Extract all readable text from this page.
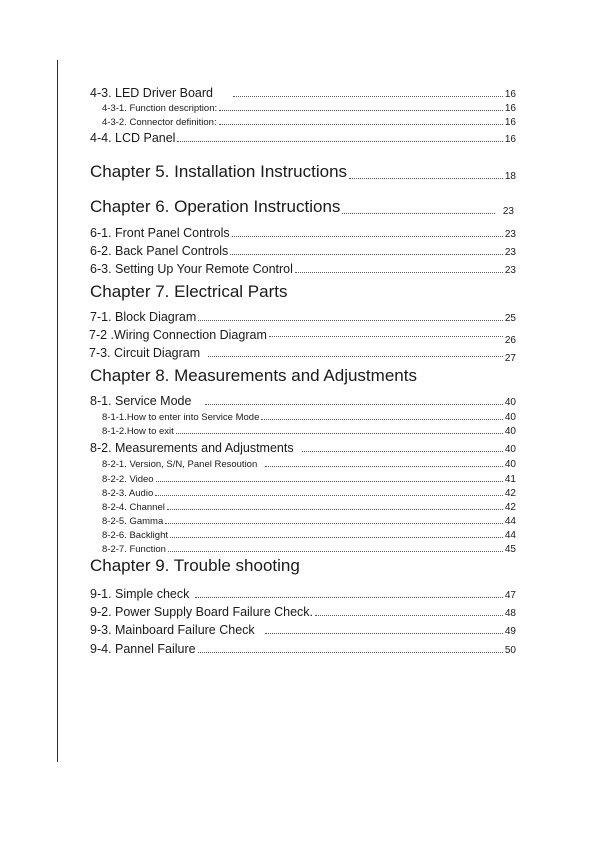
4-3. LED Driver Board	16
4-3-1. Function description:	16
4-3-2. Connector definition:	16
4-4. LCD Panel	16
Chapter 5. Installation Instructions	18
Chapter 6. Operation Instructions	23
6-1. Front Panel Controls	23
6-2. Back Panel Controls	23
6-3. Setting Up Your Remote Control	23
Chapter 7. Electrical Parts
7-1. Block Diagram	25
7-2 .Wiring Connection Diagram	26
7-3. Circuit Diagram	27
Chapter 8. Measurements and Adjustments
8-1. Service Mode	40
8-1-1.How to enter into Service Mode	40
8-1-2.How to exit	40
8-2. Measurements and Adjustments	40
8-2-1. Version, S/N, Panel Resoution	40
8-2-2. Video	41
8-2-3. Audio	42
8-2-4. Channel	42
8-2-5. Gamma	44
8-2-6. Backlight	44
8-2-7. Function	45
Chapter 9. Trouble shooting
9-1. Simple check	47
9-2. Power Supply Board Failure Check.	48
9-3. Mainboard Failure Check	49
9-4. Pannel Failure	50
